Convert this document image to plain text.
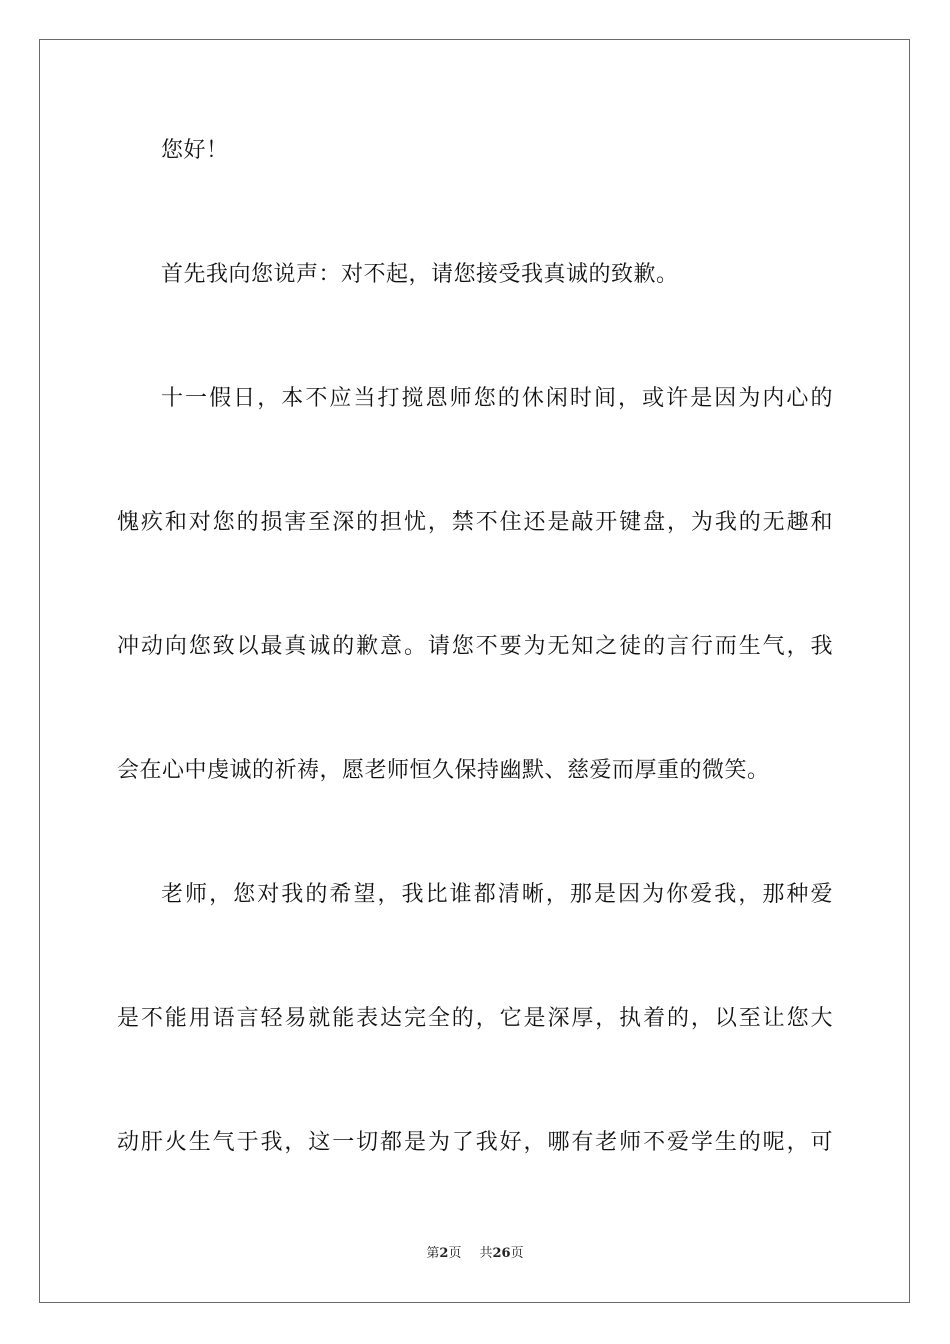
您好！
首先我向您说声：对不起，请您接受我真诚的致歉。
十一假日，本不应当打搅恩师您的休闲时间，或许是因为内心的
愧疚和对您的损害至深的担忧，禁不住还是敲开键盘，为我的无趣和
冲动向您致以最真诚的歉意。请您不要为无知之徒的言行而生气，我
会在心中虔诚的祈祷，愿老师恒久保持幽默、慈爱而厚重的微笑。
老师，您对我的希望，我比谁都清晰，那是因为你爱我，那种爱
是不能用语言轻易就能表达完全的，它是深厚，执着的，以至让您大
动肝火生气于我，这一切都是为了我好，哪有老师不爱学生的呢，可
第2页 共26页
